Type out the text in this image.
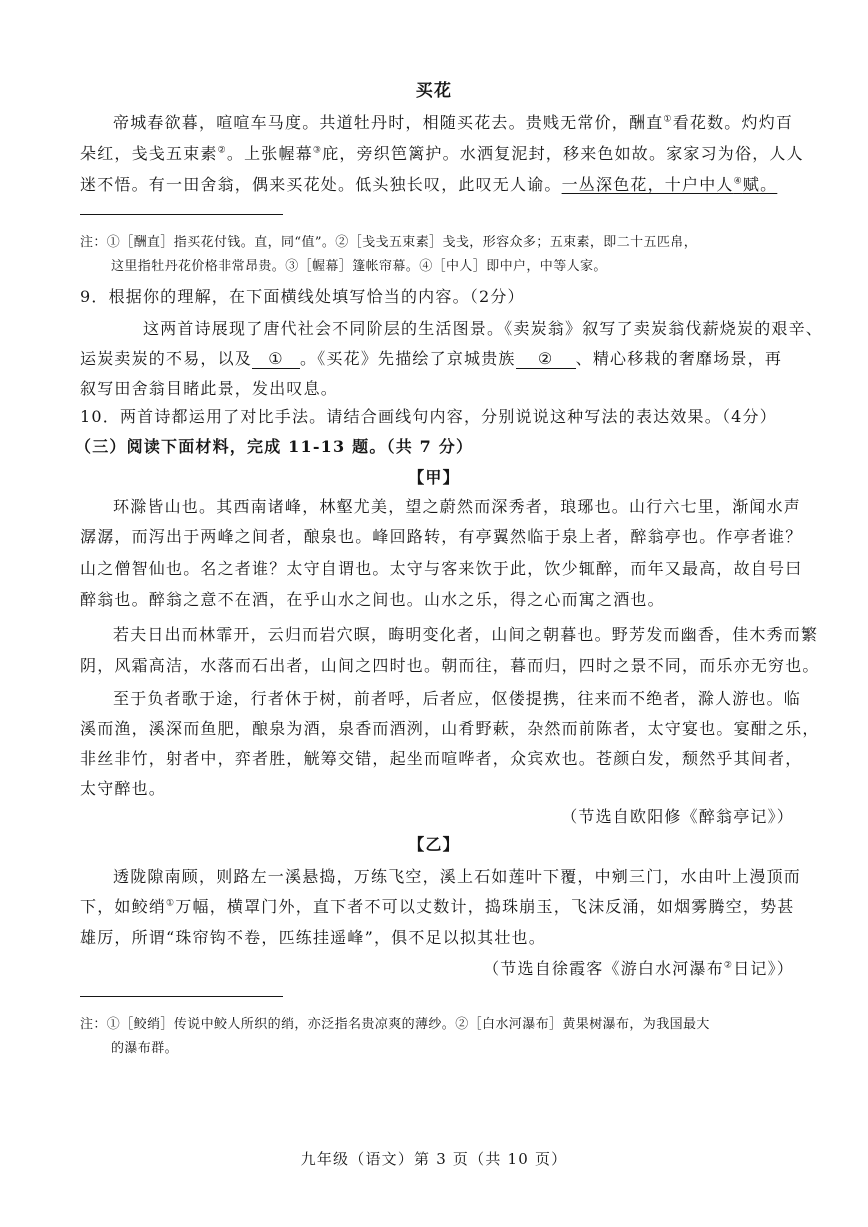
买花
帝城春欲暮，喧喧车马度。共道牡丹时，相随买花去。贵贱无常价，酬直①看花数。灼灼百
朵红，戋戋五束素②。上张幄幕③庇，旁织笆篱护。水洒复泥封，移来色如故。家家习为俗，人人
迷不悟。有一田舍翁，偶来买花处。低头独长叹，此叹无人谕。一丛深色花，十户中人④赋。
注：①［酬直］指买花付钱。直，同“值”。②［戋戋五束素］戋戋，形容众多；五束素，即二十五匹帛，
这里指牡丹花价格非常昂贵。③［幄幕］篷帐帘幕。④［中人］即中户，中等人家。
9．根据你的理解，在下面横线处填写恰当的内容。（2分）
这两首诗展现了唐代社会不同阶层的生活图景。《卖炭翁》叙写了卖炭翁伐薪烧炭的艰辛、
运炭卖炭的不易，以及 ① 。《买花》先描绘了京城贵族 ② 、精心移栽的奢靡场景，再
叙写田舍翁目睹此景，发出叹息。
10．两首诗都运用了对比手法。请结合画线句内容，分别说说这种写法的表达效果。（4分）
（三）阅读下面材料，完成 11-13 题。（共 7 分）
【甲】
环滁皆山也。其西南诸峰，林壑尤美，望之蔚然而深秀者，琅琊也。山行六七里，渐闻水声
潺潺，而泻出于两峰之间者，酿泉也。峰回路转，有亭翼然临于泉上者，醉翁亭也。作亭者谁？
山之僧智仙也。名之者谁？太守自谓也。太守与客来饮于此，饮少辄醉，而年又最高，故自号曰
醉翁也。醉翁之意不在酒，在乎山水之间也。山水之乐，得之心而寓之酒也。
若夫日出而林霏开，云归而岩穴暝，晦明变化者，山间之朝暮也。野芳发而幽香，佳木秀而繁
阴，风霜高洁，水落而石出者，山间之四时也。朝而往，暮而归，四时之景不同，而乐亦无穷也。
至于负者歌于途，行者休于树，前者呼，后者应，伛偻提携，往来而不绝者，滁人游也。临
溪而渔，溪深而鱼肥，酿泉为酒，泉香而酒洌，山肴野蔌，杂然而前陈者，太守宴也。宴酣之乐，
非丝非竹，射者中，弈者胜，觥筹交错，起坐而喧哗者，众宾欢也。苍颜白发，颓然乎其间者，
太守醉也。
（节选自欧阳修《醉翁亭记》）
【乙】
透陇隙南顾，则路左一溪悬捣，万练飞空，溪上石如莲叶下覆，中剜三门，水由叶上漫顶而
下，如鲛绡①万幅，横罩门外，直下者不可以丈数计，捣珠崩玉，飞沫反涌，如烟雾腾空，势甚
雄厉，所谓“珠帘钩不卷，匹练挂遥峰”，俱不足以拟其壮也。
（节选自徐霞客《游白水河瀑布②日记》）
注：①［鲛绡］传说中鲛人所织的绡，亦泛指名贵凉爽的薄纱。②［白水河瀑布］黄果树瀑布，为我国最大
的瀑布群。
九年级（语文）第 3 页（共 10 页）
